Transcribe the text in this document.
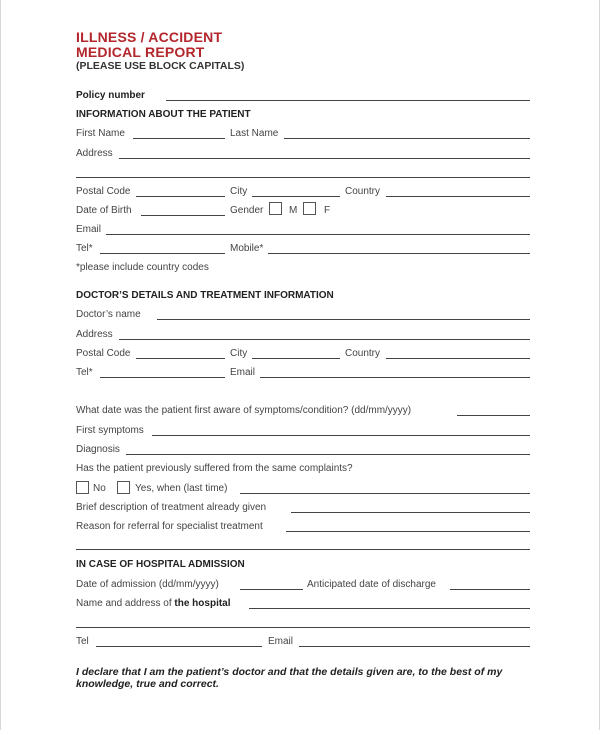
ILLNESS / ACCIDENT
MEDICAL REPORT
(PLEASE USE BLOCK CAPITALS)
Policy number
INFORMATION ABOUT THE PATIENT
First Name	Last Name
Address
Postal Code	City	Country
Date of Birth	Gender	M	F
Email
Tel*	Mobile*
*please include country codes
DOCTOR’S DETAILS AND TREATMENT INFORMATION
Doctor’s name
Address
Postal Code	City	Country
Tel*	Email
What date was the patient first aware of symptoms/condition? (dd/mm/yyyy)
First symptoms
Diagnosis
Has the patient previously suffered from the same complaints?
No	Yes, when (last time)
Brief description of treatment already given
Reason for referral for specialist treatment
IN CASE OF HOSPITAL ADMISSION
Date of admission (dd/mm/yyyy)	Anticipated date of discharge
Name and address of the hospital
Tel	Email
I declare that I am the patient’s doctor and that the details given are, to the best of my knowledge, true and correct.
